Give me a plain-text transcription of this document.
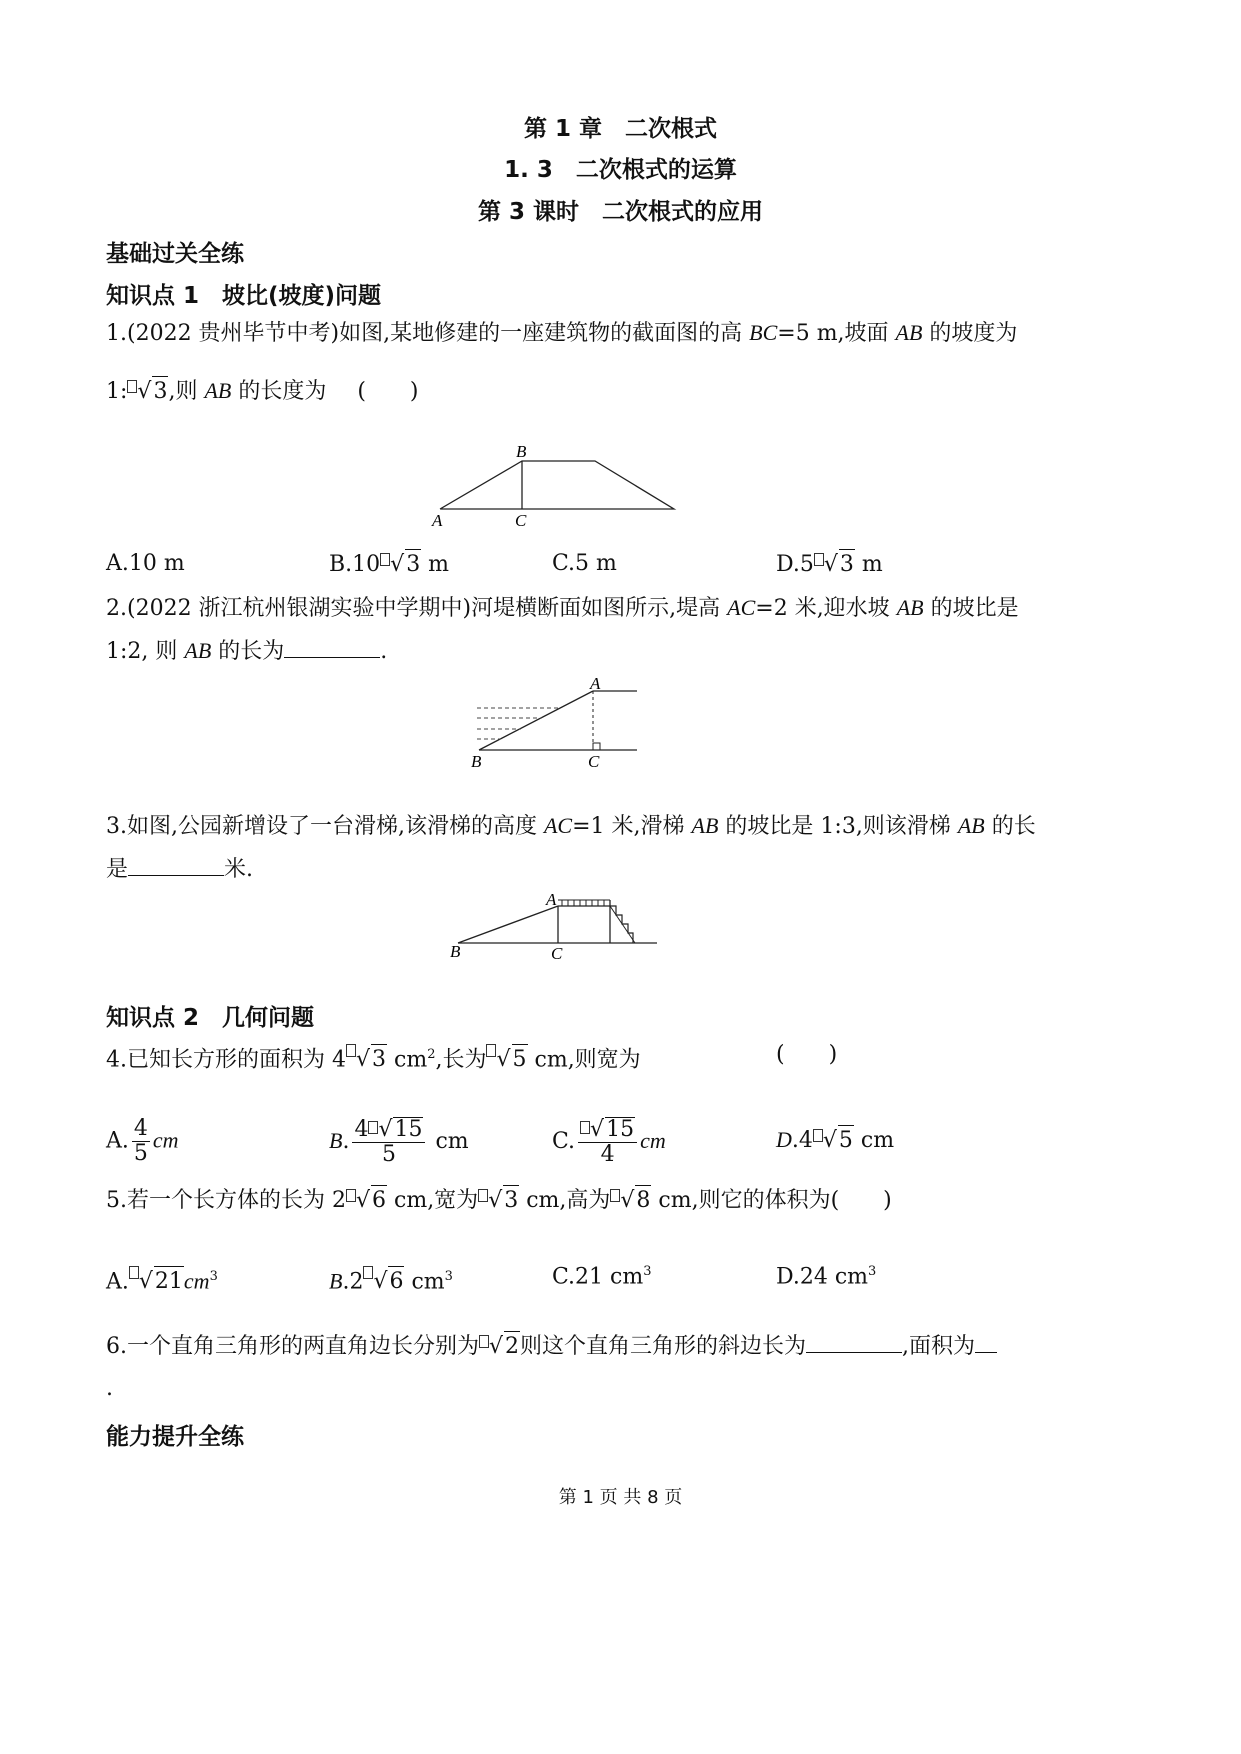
第 1 章　二次根式
1. 3　二次根式的运算
第 3 课时　二次根式的应用
基础过关全练
知识点 1　坡比(坡度)问题
1.(2022 贵州毕节中考)如图,某地修建的一座建筑物的截面图的高 BC=5 m,坡面 AB 的坡度为
1: √ 3,则 AB 的长度为 (　　)
A
B
C
A.10 m	B.10 √ 3 m	C.5 m	D.5 √ 3 m
2.(2022 浙江杭州银湖实验中学期中)河堤横断面如图所示,堤高 AC=2 米,迎水坡 AB 的坡比是
1:2, 则 AB 的长为	.
A
B	C
3.如图,公园新增设了一台滑梯,该滑梯的高度 AC=1 米,滑梯 AB 的坡比是 1:3,则该滑梯 AB 的长
是	米.
A
B	C
知识点 2　几何问题
4.已知长方形的面积为 4 √ 3 $cm^2$,长为 √ 5 cm,则宽为	(　　)
A. $\frac{4}{5}$ cm	B. $\frac{4 √ 15}{5}$ cm	C. √ $\frac{15}{4}$ cm	D.4 √ 5 cm
5.若一个长方体的长为 2 √ 6 cm,宽为 √ 3 cm,高为 √ 8 cm,则它的体积为(　　)
A. √ $21cm^3$	B.2 √ 6 $cm^3$	C.21 $cm^3$	D.24 $cm^3$
6.一个直角三角形的两直角边长分别为 √ 2则这个直角三角形的斜边长为	,面积为
.
能力提升全练
第 1 页 共 8 页
